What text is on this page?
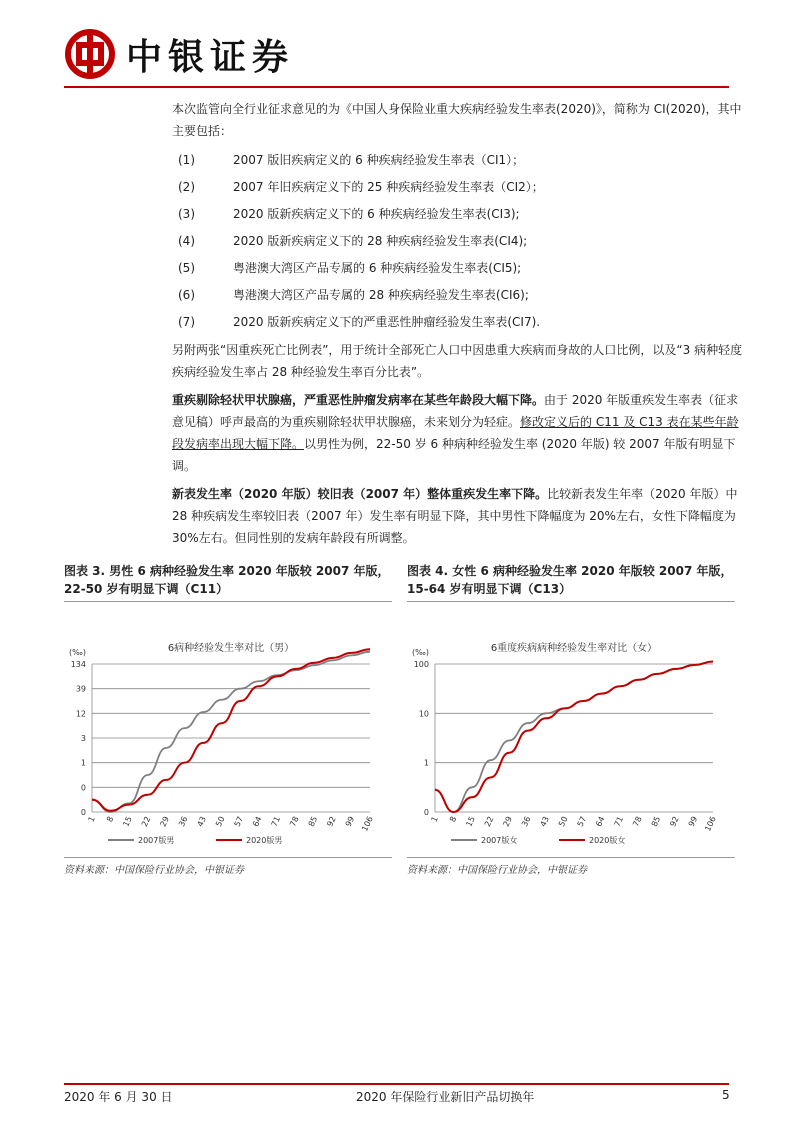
中银证券

本次监管向全行业征求意见的为《中国人身保险业重大疾病经验发生率表(2020)》，简称为 CI(2020)，其中主要包括：

(1)	2007 版旧疾病定义的 6 种疾病经验发生率表（CI1）；
(2)	2007 年旧疾病定义下的 25 种疾病经验发生率表（CI2）；
(3)	2020 版新疾病定义下的 6 种疾病经验发生率表(CI3);
(4)	2020 版新疾病定义下的 28 种疾病经验发生率表(CI4);
(5)	粤港澳大湾区产品专属的 6 种疾病经验发生率表(CI5);
(6)	粤港澳大湾区产品专属的 28 种疾病经验发生率表(CI6);
(7)	2020 版新疾病定义下的严重恶性肿瘤经验发生率表(CI7).

另附两张“因重疾死亡比例表”，用于统计全部死亡人口中因患重大疾病而身故的人口比例，以及“3 病种轻度疾病经验发生率占 28 种经验发生率百分比表”。

重疾剔除轻状甲状腺癌，严重恶性肿瘤发病率在某些年龄段大幅下降。由于 2020 年版重疾发生率表（征求意见稿）呼声最高的为重疾剔除轻状甲状腺癌，未来划分为轻症。修改定义后的 C11 及 C13 表在某些年龄段发病率出现大幅下降。以男性为例，22-50 岁 6 种病种经验发生率 (2020 年版) 较 2007 年版有明显下调。

新表发生率（2020 年版）较旧表（2007 年）整体重疾发生率下降。比较新表发生年率（2020 年版）中 28 种疾病发生率较旧表（2007 年）发生率有明显下降，其中男性下降幅度为 20%左右，女性下降幅度为 30%左右。但同性别的发病年龄段有所调整。

图表 3. 男性 6 病种经验发生率 2020 年版较 2007 年版，22-50 岁有明显下调（C11）
(‰)	6病种经验发生率对比（男）
0
0
1
3
12
39
134
1 8 15 22 29 36 43 50 57 64 71 78 85 92 99 106
2007版男	2020版男
资料来源：中国保险行业协会，中银证券
图表 4. 女性 6 病种经验发生率 2020 年版较 2007 年版，15-64 岁有明显下调（C13）
(‰)	6重度疾病病种经验发生率对比（女）
0
1
10
100
1 8 15 22 29 36 43 50 57 64 71 78 85 92 99 106
2007版女	2020版女
资料来源：中国保险行业协会，中银证券
2020 年 6 月 30 日	2020 年保险行业新旧产品切换年	5
